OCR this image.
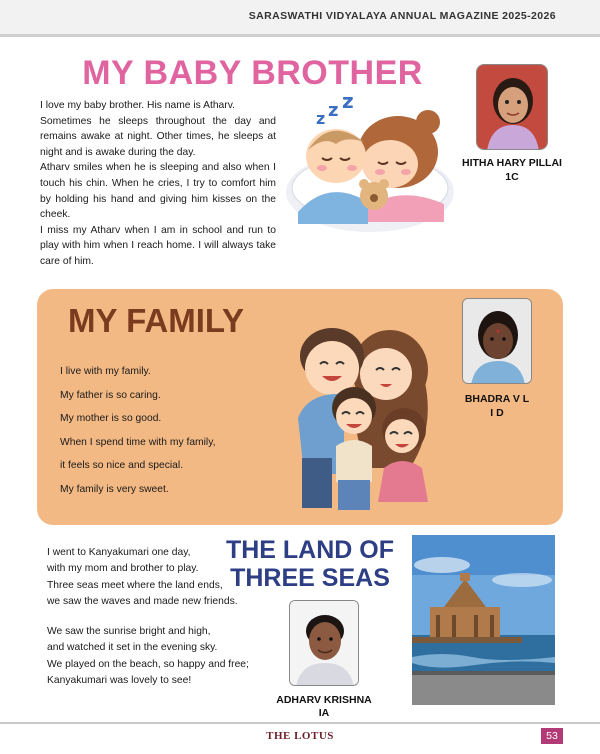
SARASWATHI VIDYALAYA ANNUAL MAGAZINE 2025-2026
MY BABY BROTHER

I love my baby brother. His name is Atharv.

Sometimes he sleeps throughout the day and remains awake at night. Other times, he sleeps at night and is awake during the day.

Atharv smiles when he is sleeping and also when I touch his chin. When he cries, I try to comfort him by holding his hand and giving him kisses on the cheek.

I miss my Atharv when I am in school and run to play with him when I reach home. I will always take care of him.

z z z
HITHA HARY PILLAI
1C
MY FAMILY
I live with my family.
My father is so caring.
My mother is so good.
When I spend time with my family,
it feels so nice and special.
My family is very sweet.
BHADRA V L
I D
I went to Kanyakumari one day,
with my mom and brother to play.
Three seas meet where the land ends,
we saw the waves and made new friends.
We saw the sunrise bright and high,
and watched it set in the evening sky.
We played on the beach, so happy and free;
Kanyakumari was lovely to see!
THE LAND OF
THREE SEAS
ADHARV KRISHNA
IA
THE LOTUS	53
